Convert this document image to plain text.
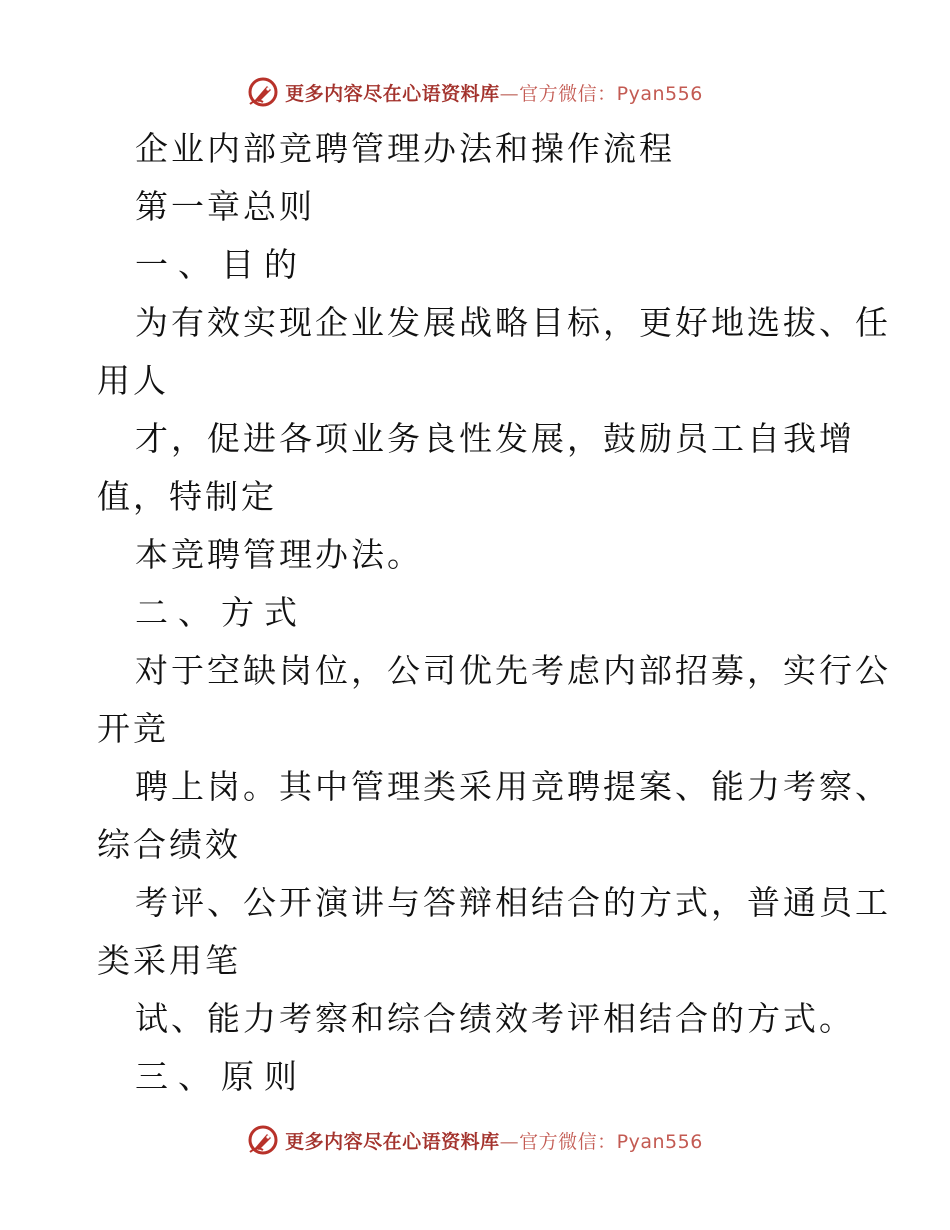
更多内容尽在心语资料库—官方微信：Pyan556
企业内部竞聘管理办法和操作流程
第一章总则
一、目的
为有效实现企业发展战略目标，更好地选拔、任
用人
才，促进各项业务良性发展，鼓励员工自我增
值，特制定
本竞聘管理办法。
二、方式
对于空缺岗位，公司优先考虑内部招募，实行公
开竞
聘上岗。其中管理类采用竞聘提案、能力考察、
综合绩效
考评、公开演讲与答辩相结合的方式，普通员工
类采用笔
试、能力考察和综合绩效考评相结合的方式。
三、原则
更多内容尽在心语资料库—官方微信：Pyan556
